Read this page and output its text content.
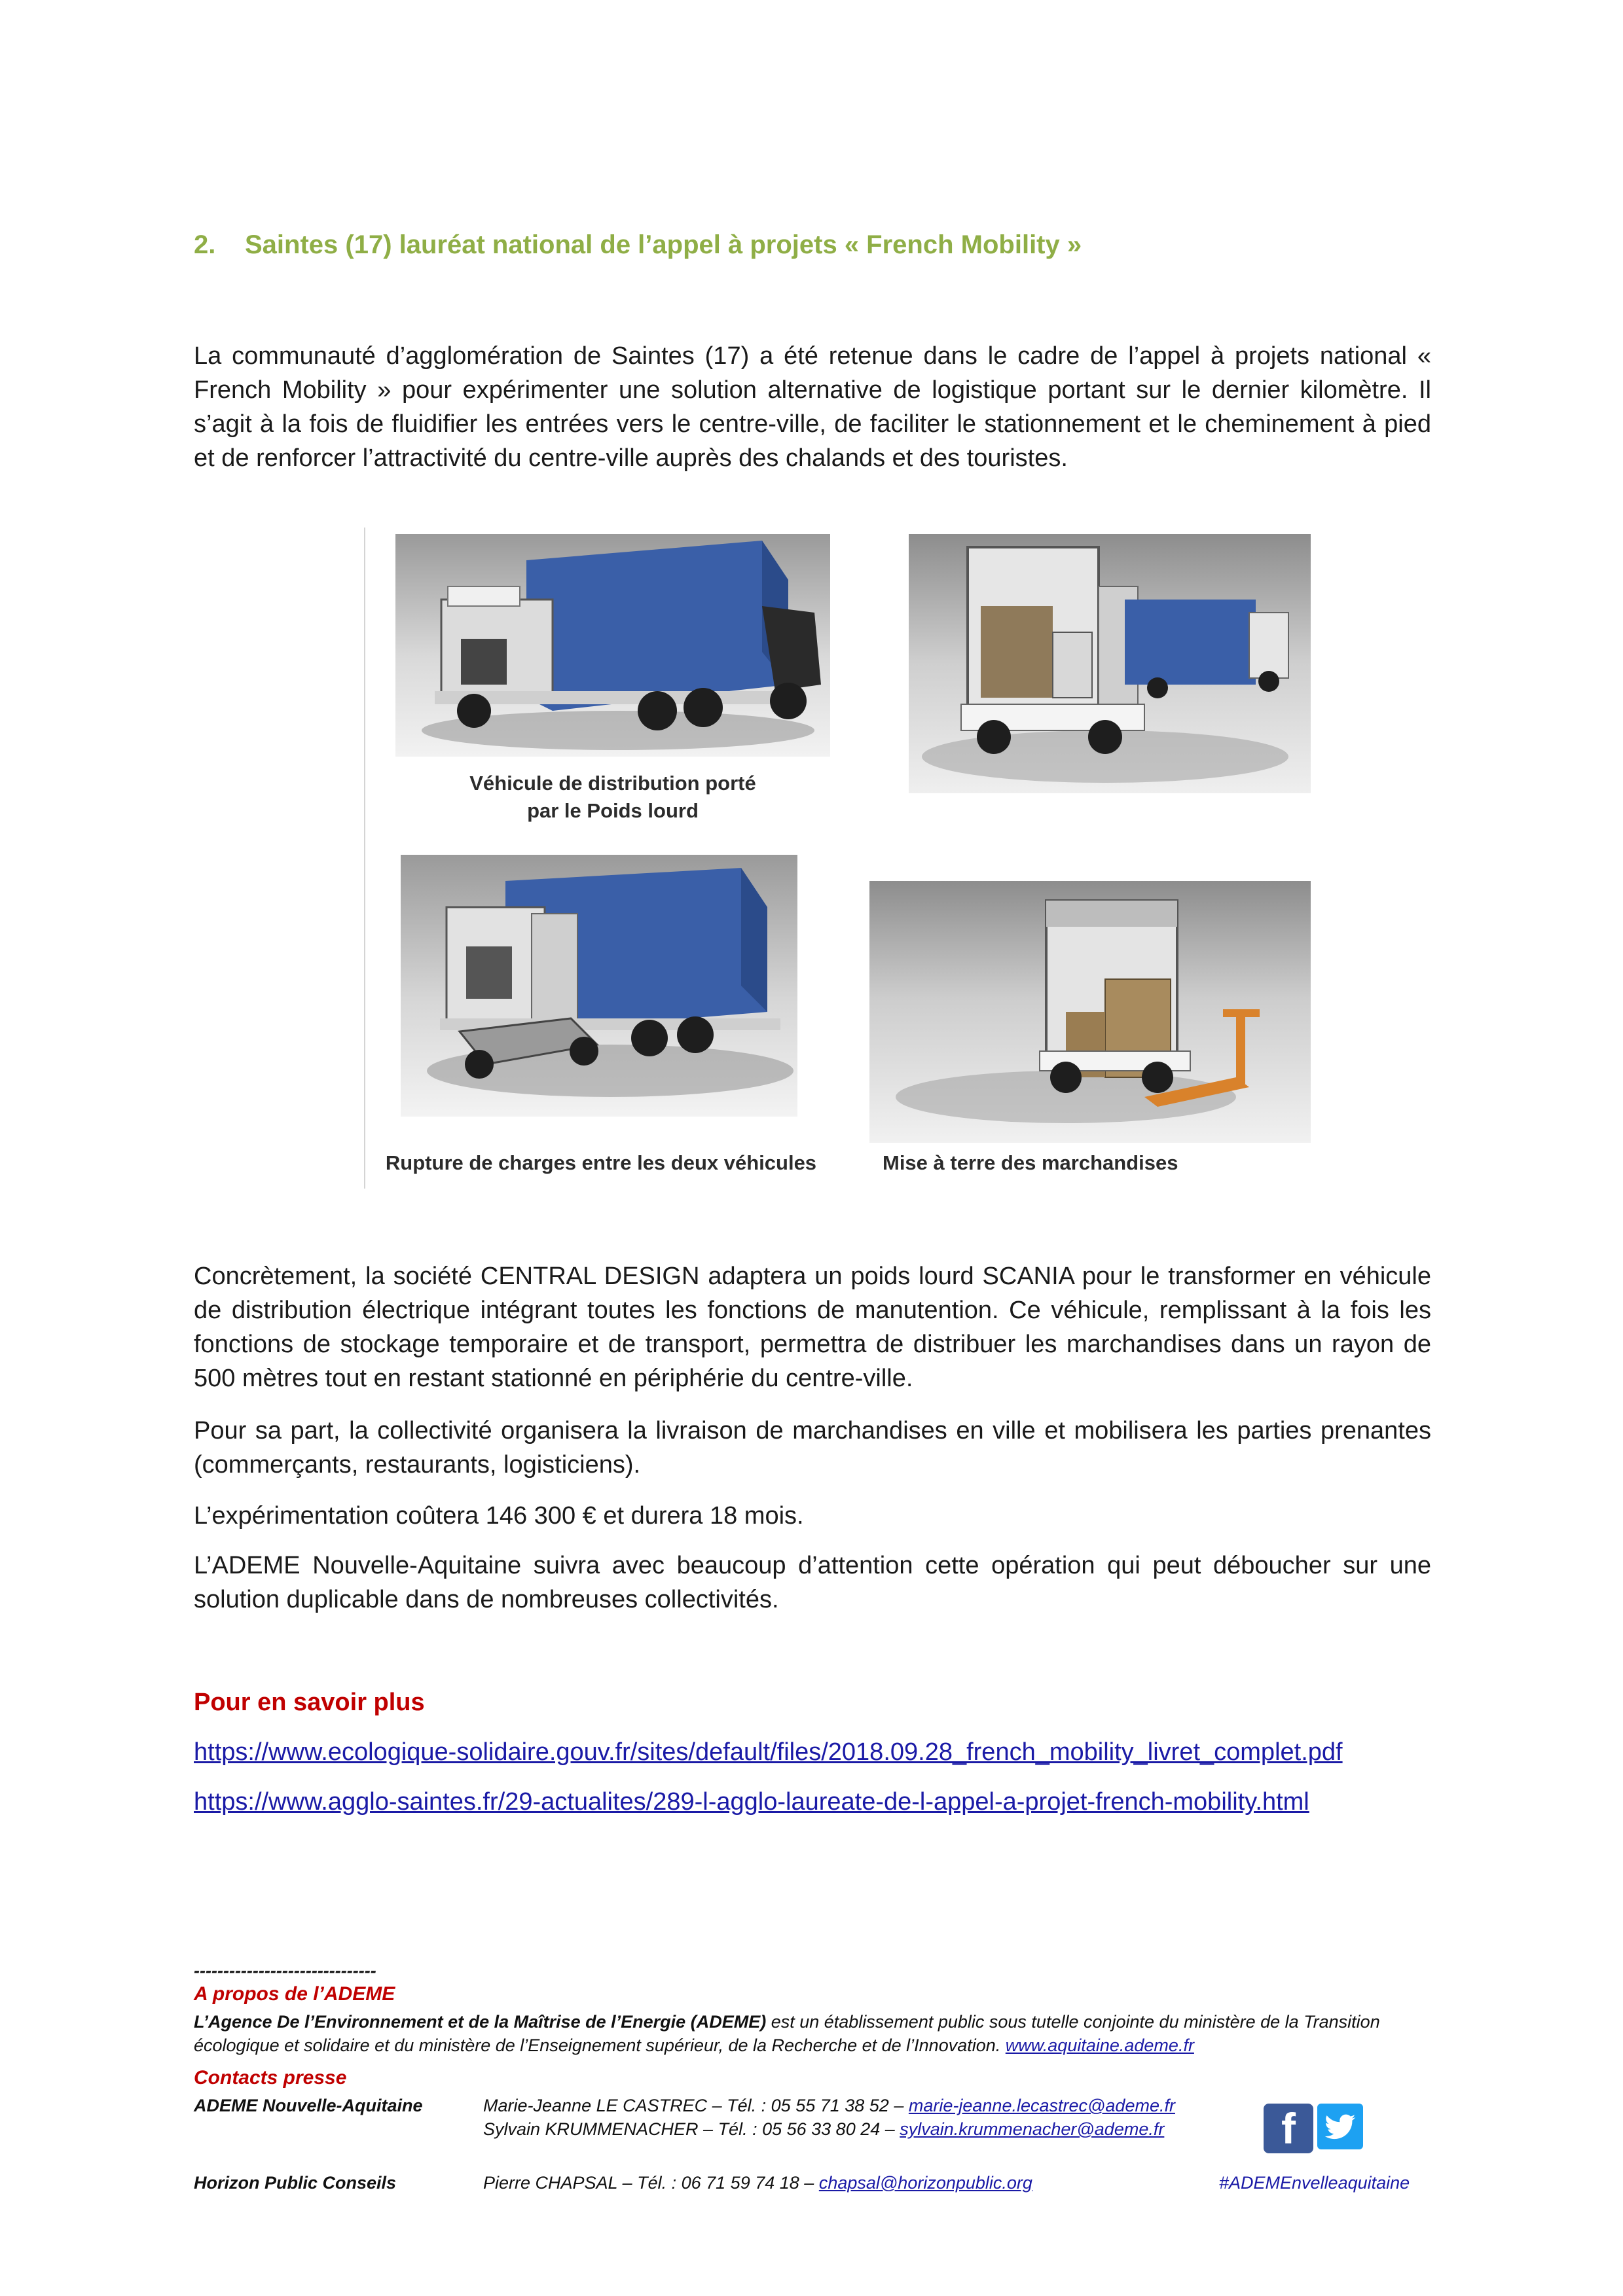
2. Saintes (17) lauréat national de l’appel à projets « French Mobility »

La communauté d’agglomération de Saintes (17) a été retenue dans le cadre de l’appel à projets national « French Mobility » pour expérimenter une solution alternative de logistique portant sur le dernier kilomètre. Il s’agit à la fois de fluidifier les entrées vers le centre-ville, de faciliter le stationnement et le cheminement à pied et de renforcer l’attractivité du centre-ville auprès des chalands et des touristes.

Véhicule de distribution porté
par le Poids lourd
Rupture de charges entre les deux véhicules	Mise à terre des marchandises

Concrètement, la société CENTRAL DESIGN adaptera un poids lourd SCANIA pour le transformer en véhicule de distribution électrique intégrant toutes les fonctions de manutention. Ce véhicule, remplissant à la fois les fonctions de stockage temporaire et de transport, permettra de distribuer les marchandises dans un rayon de 500 mètres tout en restant stationné en périphérie du centre-ville.

Pour sa part, la collectivité organisera la livraison de marchandises en ville et mobilisera les parties prenantes (commerçants, restaurants, logisticiens).

L’expérimentation coûtera 146 300 € et durera 18 mois.

L’ADEME Nouvelle-Aquitaine suivra avec beaucoup d’attention cette opération qui peut déboucher sur une solution duplicable dans de nombreuses collectivités.

Pour en savoir plus
https://www.ecologique-solidaire.gouv.fr/sites/default/files/2018.09.28_french_mobility_livret_complet.pdf
https://www.agglo-saintes.fr/29-actualites/289-l-agglo-laureate-de-l-appel-a-projet-french-mobility.html
-------------------------------
A propos de l’ADEME
L’Agence De l’Environnement et de la Maîtrise de l’Energie (ADEME) est un établissement public sous tutelle conjointe du ministère de la Transition
écologique et solidaire et du ministère de l’Enseignement supérieur, de la Recherche et de l’Innovation. www.aquitaine.ademe.fr
Contacts presse
ADEME Nouvelle-Aquitaine	Marie-Jeanne LE CASTREC – Tél. : 05 55 71 38 52 – marie-jeanne.lecastrec@ademe.fr
Sylvain KRUMMENACHER – Tél. : 05 56 33 80 24 – sylvain.krummenacher@ademe.fr	f
Horizon Public Conseils	Pierre CHAPSAL – Tél. : 06 71 59 74 18 – chapsal@horizonpublic.org	#ADEMEnvelleaquitaine
